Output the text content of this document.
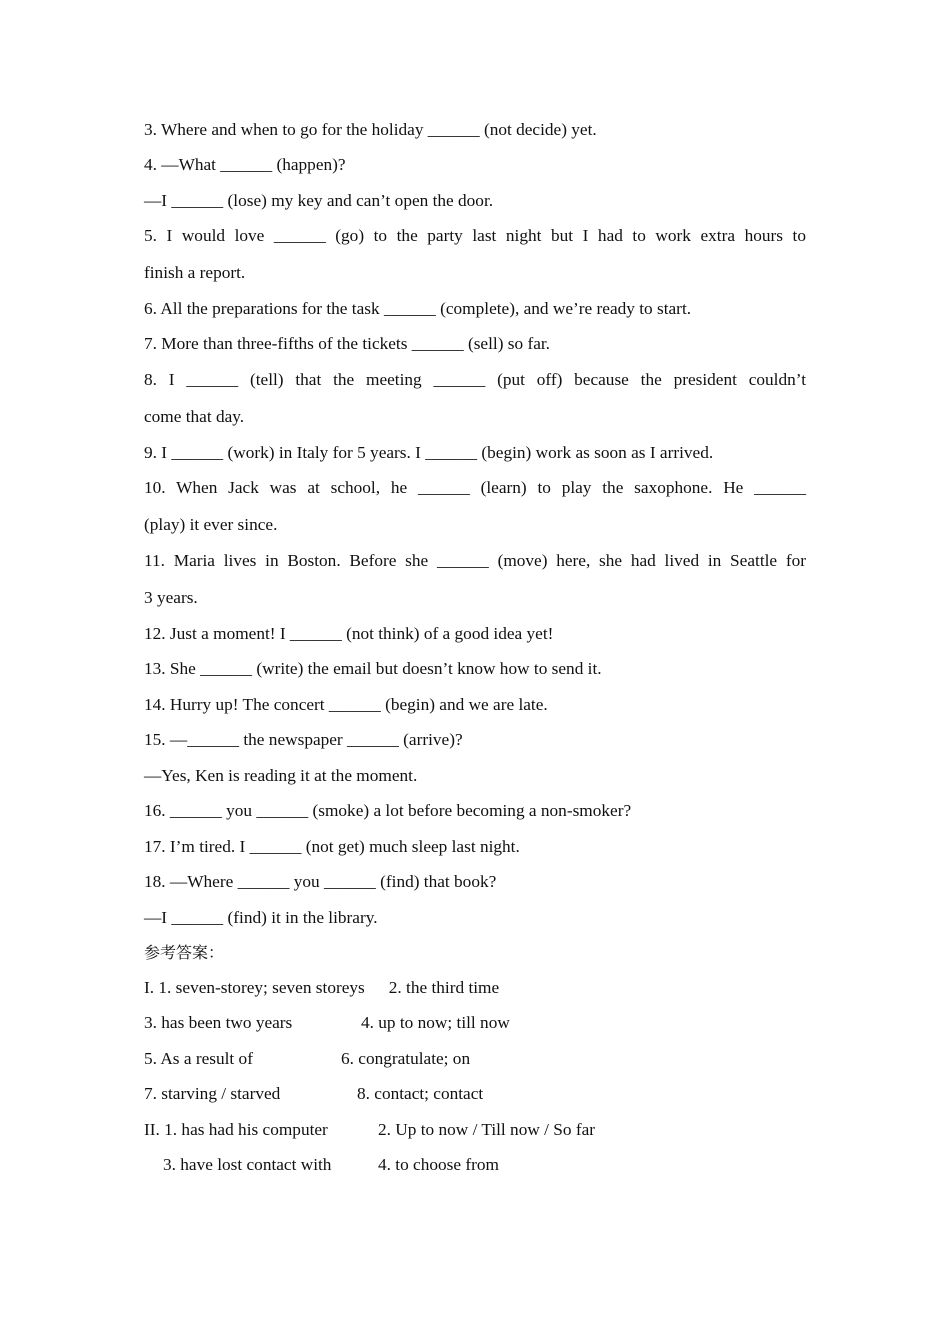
3. Where and when to go for the holiday ______ (not decide) yet.

4. —What ______ (happen)?

—I ______ (lose) my key and can’t open the door.

5. I would love ______ (go) to the party last night but I had to work extra hours to

finish a report.

6. All the preparations for the task ______ (complete), and we’re ready to start.

7. More than three-fifths of the tickets ______ (sell) so far.

8. I ______ (tell) that the meeting ______ (put off) because the president couldn’t

come that day.

9. I ______ (work) in Italy for 5 years. I ______ (begin) work as soon as I arrived.

10. When Jack was at school, he ______ (learn) to play the saxophone. He ______

(play) it ever since.

11. Maria lives in Boston. Before she ______ (move) here, she had lived in Seattle for

3 years.

12. Just a moment! I ______ (not think) of a good idea yet!

13. She ______ (write) the email but doesn’t know how to send it.

14. Hurry up! The concert ______ (begin) and we are late.

15. —______ the newspaper ______ (arrive)?

—Yes, Ken is reading it at the moment.

16. ______ you ______ (smoke) a lot before becoming a non-smoker?

17. I’m tired. I ______ (not get) much sleep last night.

18. —Where ______ you ______ (find) that book?

—I ______ (find) it in the library.

参考答案：

I. 1. seven-storey; seven storeys 2. the third time
3. has been two years	4. up to now; till now
5. As a result of	6. congratulate; on
7. starving / starved	8. contact; contact
II. 1. has had his computer	2. Up to now / Till now / So far
3. have lost contact with	4. to choose from
